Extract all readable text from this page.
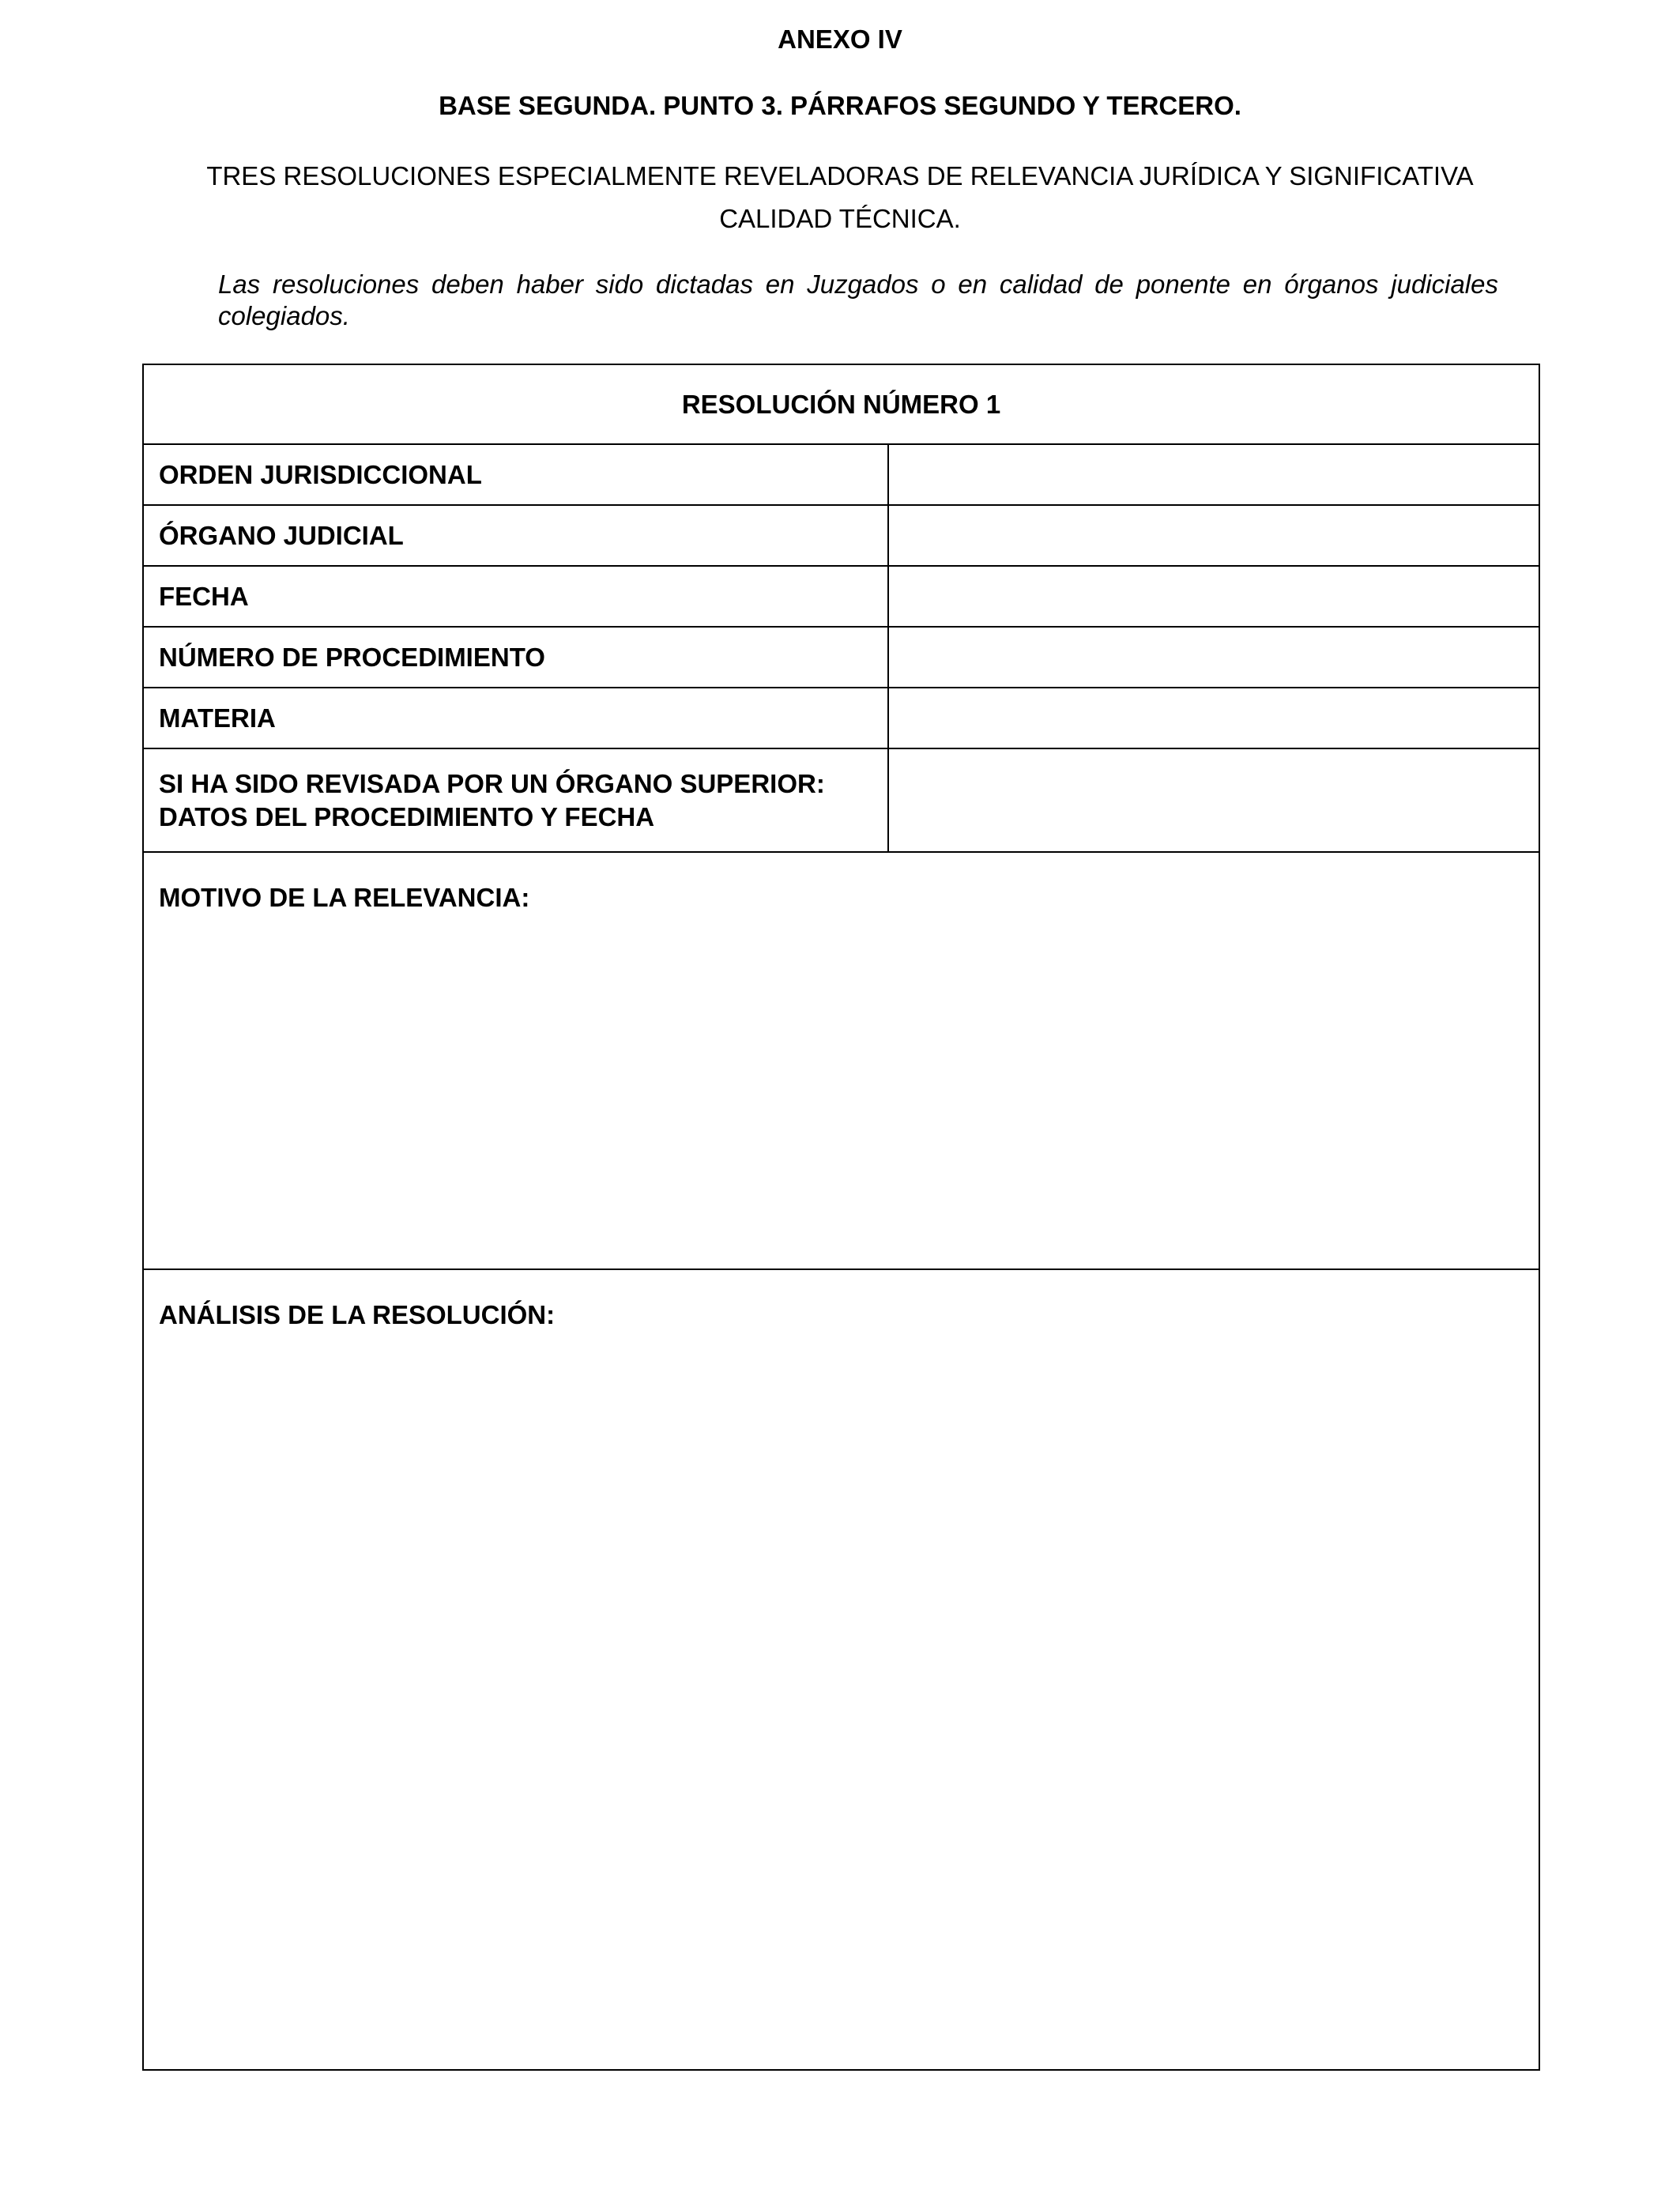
ANEXO IV
BASE SEGUNDA. PUNTO 3. PÁRRAFOS SEGUNDO Y TERCERO.
TRES RESOLUCIONES ESPECIALMENTE REVELADORAS DE RELEVANCIA JURÍDICA Y SIGNIFICATIVA
CALIDAD TÉCNICA.

Las resoluciones deben haber sido dictadas en Juzgados o en calidad de ponente en órganos judiciales colegiados.

RESOLUCIÓN NÚMERO 1	
ORDEN JURISDICCIONAL	
ÓRGANO JUDICIAL	
FECHA	
NÚMERO DE PROCEDIMIENTO	
MATERIA	
SI HA SIDO REVISADA POR UN ÓRGANO SUPERIOR:
DATOS DEL PROCEDIMIENTO Y FECHA	
MOTIVO DE LA RELEVANCIA:	
ANÁLISIS DE LA RESOLUCIÓN:	
